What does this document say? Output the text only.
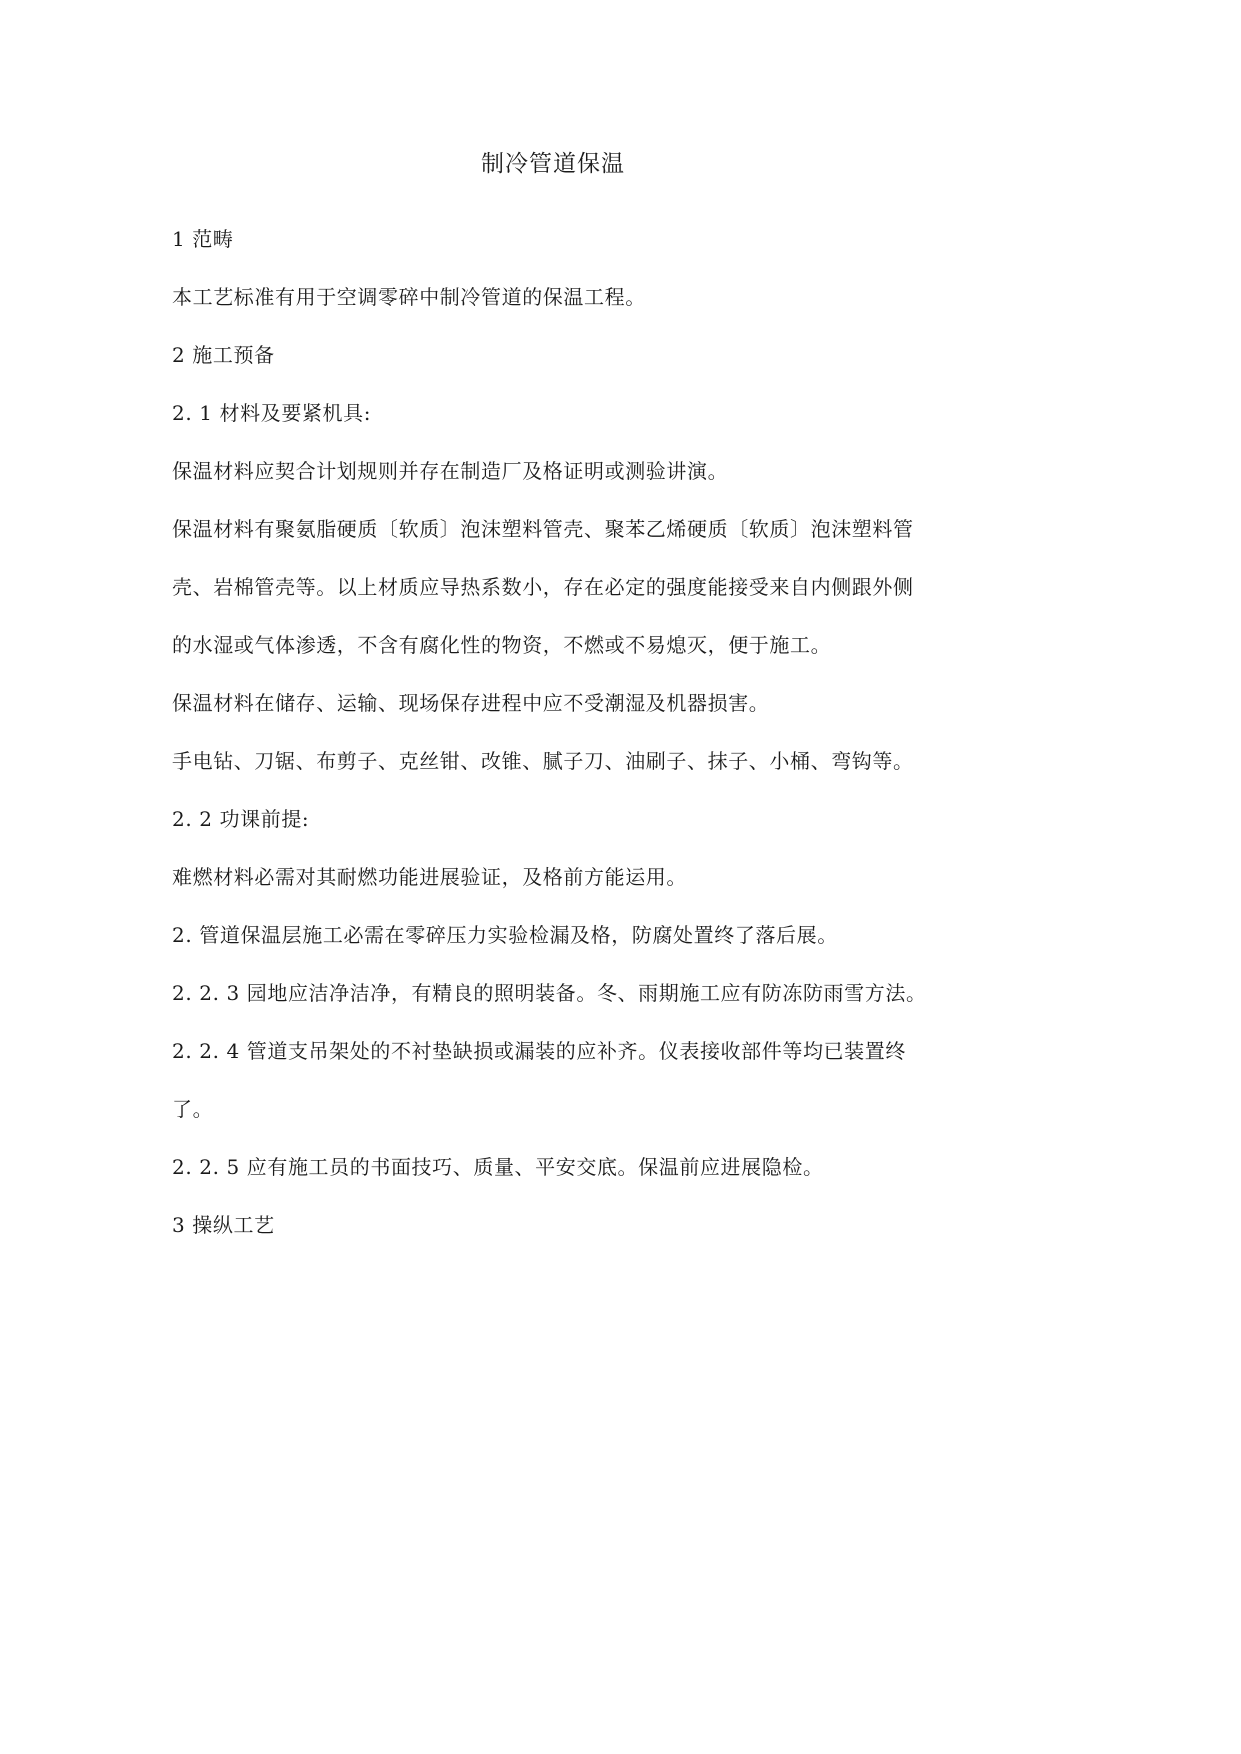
制冷管道保温

1 范畴

本工艺标准有用于空调零碎中制冷管道的保温工程。

2 施工预备

2. 1 材料及要紧机具:

保温材料应契合计划规则并存在制造厂及格证明或测验讲演。

保温材料有聚氨脂硬质〔软质〕泡沫塑料管壳、聚苯乙烯硬质〔软质〕泡沫塑料管壳、岩棉管壳等。以上材质应导热系数小，存在必定的强度能接受来自内侧跟外侧的水湿或气体渗透，不含有腐化性的物资，不燃或不易熄灭，便于施工。

保温材料在储存、运输、现场保存进程中应不受潮湿及机器损害。

手电钻、刀锯、布剪子、克丝钳、改锥、腻子刀、油刷子、抹子、小桶、弯钩等。

2. 2 功课前提:

难燃材料必需对其耐燃功能进展验证，及格前方能运用。

2. 管道保温层施工必需在零碎压力实验检漏及格，防腐处置终了落后展。

2. 2. 3 园地应洁净洁净，有精良的照明装备。冬、雨期施工应有防冻防雨雪方法。

2. 2. 4 管道支吊架处的不衬垫缺损或漏装的应补齐。仪表接收部件等均已装置终了。

2. 2. 5 应有施工员的书面技巧、质量、平安交底。保温前应进展隐检。

3 操纵工艺
